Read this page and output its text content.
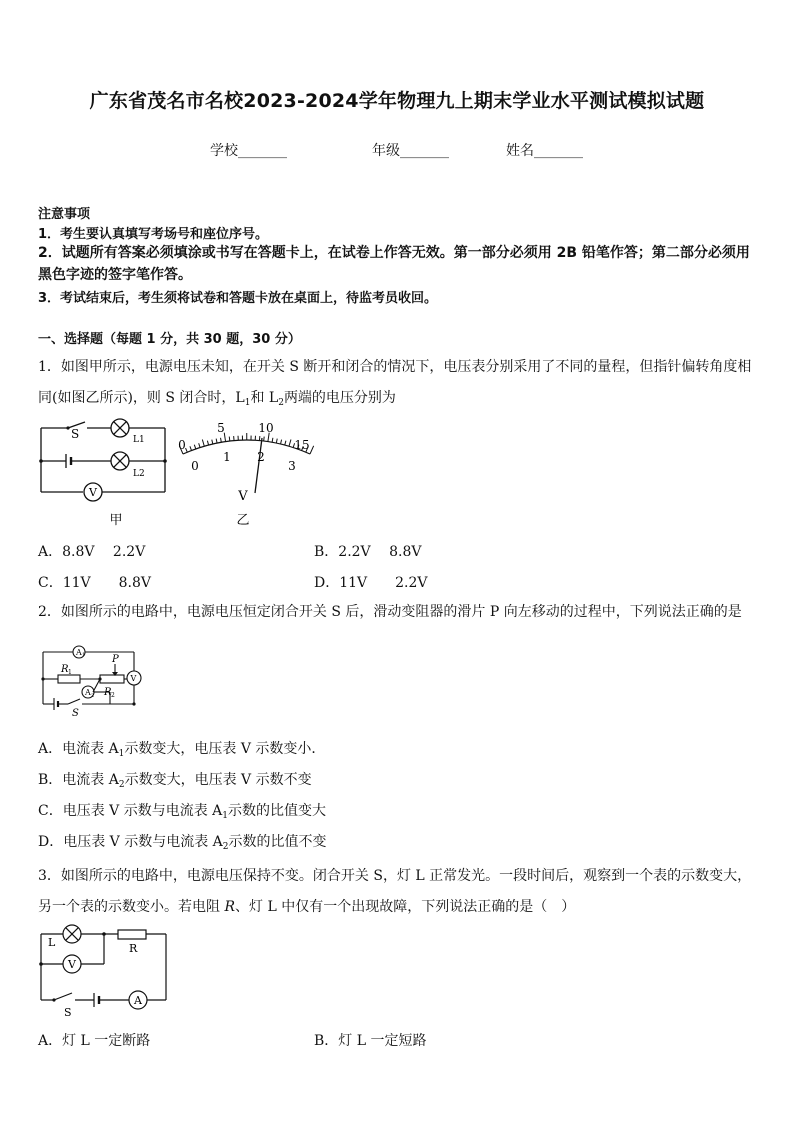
广东省茂名市名校2023-2024学年物理九上期末学业水平测试模拟试题
学校_______	年级_______	姓名_______
注意事项
1．考生要认真填写考场号和座位序号。
2．试题所有答案必须填涂或书写在答题卡上，在试卷上作答无效。第一部分必须用 2B 铅笔作答；第二部分必须用黑色字迹的签字笔作答。
3．考试结束后，考生须将试卷和答题卡放在桌面上，待监考员收回。
一、选择题（每题 1 分，共 30 题，30 分）
1．如图甲所示，电源电压未知，在开关 S 断开和闭合的情况下，电压表分别采用了不同的量程，但指针偏转角度相同(如图乙所示)，则 S 闭合时，$L_1$和 $L_2$两端的电压分别为
S	L1
L2
V
甲
0
5	10
15
0
1 2
3
V
乙
A．8.8V　 2.2V	B．2.2V　 8.8V
C．11V　　8.8V	D．11V　　2.2V
2．如图所示的电路中，电源电压恒定闭合开关 S 后，滑动变阻器的滑片 P 向左移动的过程中，下列说法正确的是
A 1
R 1
P
V
A 2 R 2
S
A．电流表 $A_1$示数变大，电压表 V 示数变小．
B．电流表 $A_2$示数变大，电压表 V 示数不变
C．电压表 V 示数与电流表 $A_1$示数的比值变大
D．电压表 V 示数与电流表 $A_2$示数的比值不变
3．如图所示的电路中，电源电压保持不变。闭合开关 S，灯 L 正常发光。一段时间后，观察到一个表的示数变大，另一个表的示数变小。若电阻 R、灯 L 中仅有一个出现故障，下列说法正确的是（　）
L	R
V
A
S
A．灯 L 一定断路	B．灯 L 一定短路
